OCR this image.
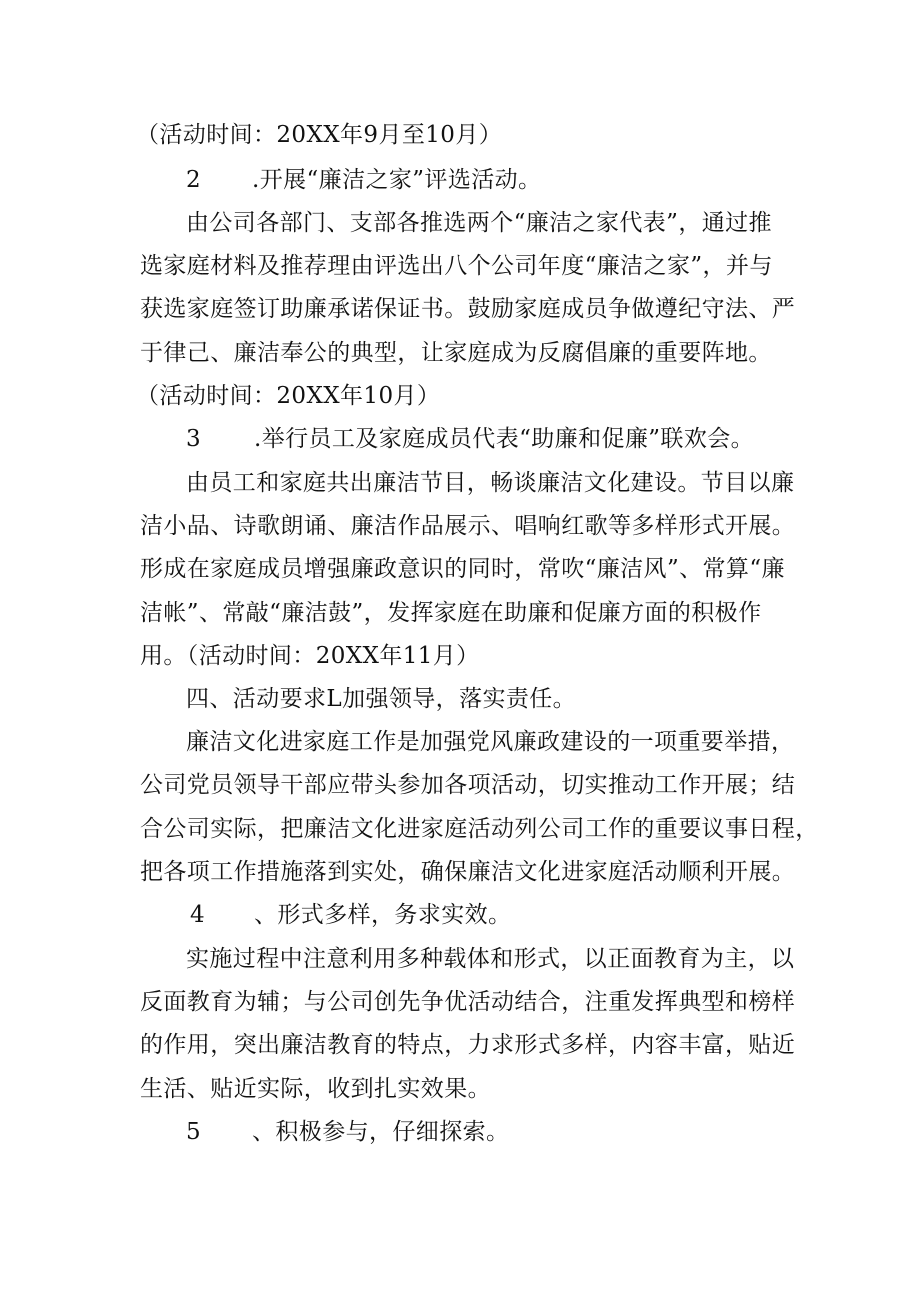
（活动时间：20XX年9月至10月）
2 .开展“廉洁之家”评选活动。
由公司各部门、支部各推选两个“廉洁之家代表”，通过推
选家庭材料及推荐理由评选出八个公司年度“廉洁之家”，并与
获选家庭签订助廉承诺保证书。鼓励家庭成员争做遵纪守法、严
于律己、廉洁奉公的典型，让家庭成为反腐倡廉的重要阵地。
（活动时间：20XX年10月）
3 .举行员工及家庭成员代表“助廉和促廉”联欢会。
由员工和家庭共出廉洁节目，畅谈廉洁文化建设。节目以廉
洁小品、诗歌朗诵、廉洁作品展示、唱响红歌等多样形式开展。
形成在家庭成员增强廉政意识的同时，常吹“廉洁风”、常算“廉
洁帐”、常敲“廉洁鼓”，发挥家庭在助廉和促廉方面的积极作
用。（活动时间：20XX年11月）
四、活动要求L加强领导，落实责任。
廉洁文化进家庭工作是加强党风廉政建设的一项重要举措，
公司党员领导干部应带头参加各项活动，切实推动工作开展；结
合公司实际，把廉洁文化进家庭活动列公司工作的重要议事日程，
把各项工作措施落到实处，确保廉洁文化进家庭活动顺利开展。
4 、形式多样，务求实效。
实施过程中注意利用多种载体和形式，以正面教育为主，以
反面教育为辅；与公司创先争优活动结合，注重发挥典型和榜样
的作用，突出廉洁教育的特点，力求形式多样，内容丰富，贴近
生活、贴近实际，收到扎实效果。
5 、积极参与，仔细探索。
